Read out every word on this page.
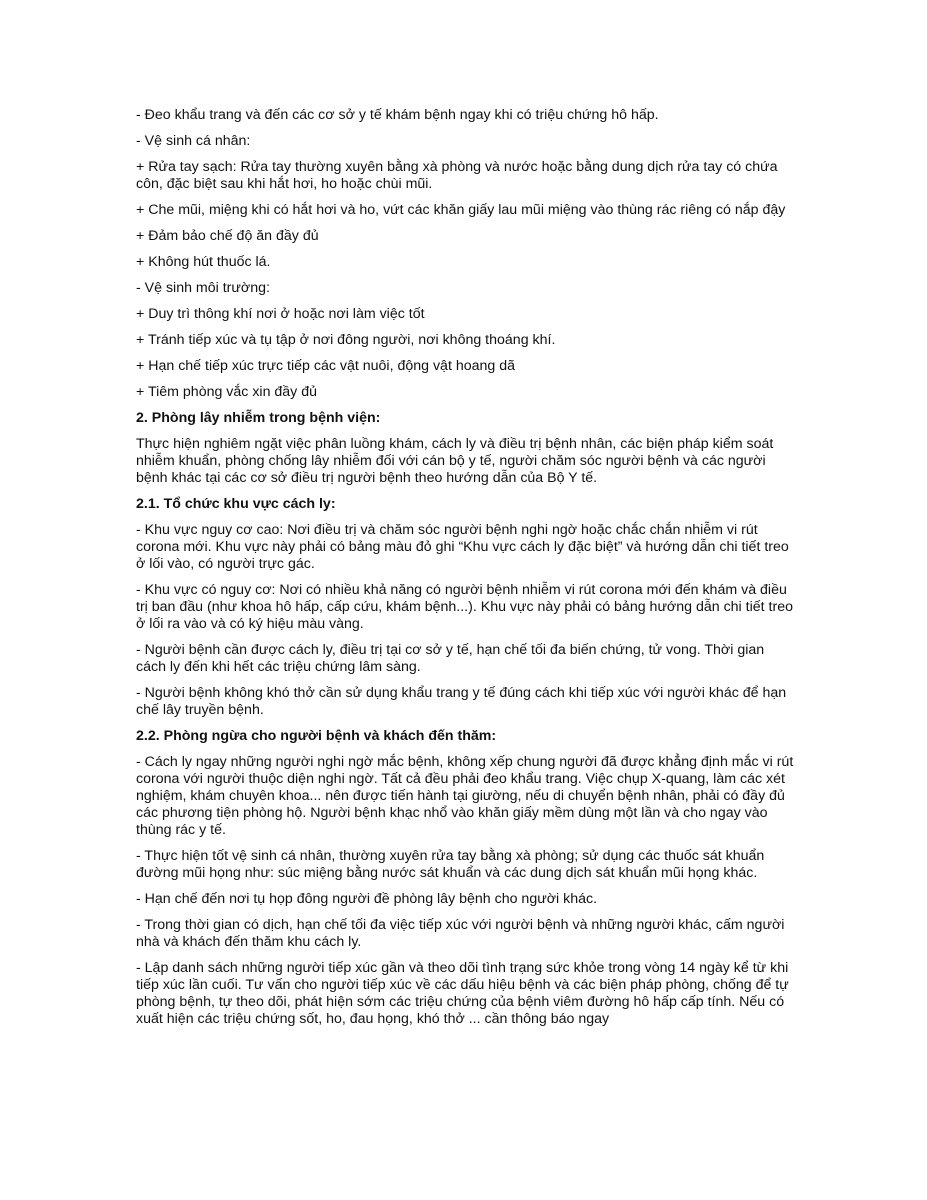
- Đeo khẩu trang và đến các cơ sở y tế khám bệnh ngay khi có triệu chứng hô hấp.

- Vệ sinh cá nhân:

+ Rửa tay sạch: Rửa tay thường xuyên bằng xà phòng và nước hoặc bằng dung dịch rửa tay có chứa côn, đặc biệt sau khi hắt hơi, ho hoặc chùi mũi.

+ Che mũi, miệng khi có hắt hơi và ho, vứt các khăn giấy lau mũi miệng vào thùng rác riêng có nắp đậy

+ Đảm bảo chế độ ăn đầy đủ

+ Không hút thuốc lá.

- Vệ sinh môi trường:

+ Duy trì thông khí nơi ở hoặc nơi làm việc tốt

+ Tránh tiếp xúc và tụ tập ở nơi đông người, nơi không thoáng khí.

+ Hạn chế tiếp xúc trực tiếp các vật nuôi, động vật hoang dã

+ Tiêm phòng vắc xin đầy đủ

2. Phòng lây nhiễm trong bệnh viện:

Thực hiện nghiêm ngặt việc phân luồng khám, cách ly và điều trị bệnh nhân, các biện pháp kiểm soát nhiễm khuẩn, phòng chống lây nhiễm đối với cán bộ y tế, người chăm sóc người bệnh và các người bệnh khác tại các cơ sở điều trị người bệnh theo hướng dẫn của Bộ Y tế.

2.1. Tổ chức khu vực cách ly:

- Khu vực nguy cơ cao: Nơi điều trị và chăm sóc người bệnh nghi ngờ hoặc chắc chắn nhiễm vi rút corona mới. Khu vực này phải có bảng màu đỏ ghi “Khu vực cách ly đặc biệt” và hướng dẫn chi tiết treo ở lối vào, có người trực gác.

- Khu vực có nguy cơ: Nơi có nhiều khả năng có người bệnh nhiễm vi rút corona mới đến khám và điều trị ban đầu (như khoa hô hấp, cấp cứu, khám bệnh...). Khu vực này phải có bảng hướng dẫn chi tiết treo ở lối ra vào và có ký hiệu màu vàng.

- Người bệnh cần được cách ly, điều trị tại cơ sở y tế, hạn chế tối đa biến chứng, tử vong. Thời gian cách ly đến khi hết các triệu chứng lâm sàng.

- Người bệnh không khó thở cần sử dụng khẩu trang y tế đúng cách khi tiếp xúc với người khác để hạn chế lây truyền bệnh.

2.2. Phòng ngừa cho người bệnh và khách đến thăm:

- Cách ly ngay những người nghi ngờ mắc bệnh, không xếp chung người đã được khẳng định mắc vi rút corona với người thuộc diện nghi ngờ. Tất cả đều phải đeo khẩu trang. Việc chụp X-quang, làm các xét nghiệm, khám chuyên khoa... nên được tiến hành tại giường, nếu di chuyển bệnh nhân, phải có đầy đủ các phương tiện phòng hộ. Người bệnh khạc nhổ vào khăn giấy mềm dùng một lần và cho ngay vào thùng rác y tế.

- Thực hiện tốt vệ sinh cá nhân, thường xuyên rửa tay bằng xà phòng; sử dụng các thuốc sát khuẩn đường mũi họng như: súc miệng bằng nước sát khuẩn và các dung dịch sát khuẩn mũi họng khác.

- Hạn chế đến nơi tụ họp đông người đề phòng lây bệnh cho người khác.

- Trong thời gian có dịch, hạn chế tối đa việc tiếp xúc với người bệnh và những người khác, cấm người nhà và khách đến thăm khu cách ly.

- Lập danh sách những người tiếp xúc gần và theo dõi tình trạng sức khỏe trong vòng 14 ngày kể từ khi tiếp xúc lần cuối. Tư vấn cho người tiếp xúc về các dấu hiệu bệnh và các biện pháp phòng, chống để tự phòng bệnh, tự theo dõi, phát hiện sớm các triệu chứng của bệnh viêm đường hô hấp cấp tính. Nếu có xuất hiện các triệu chứng sốt, ho, đau họng, khó thở ... cần thông báo ngay
